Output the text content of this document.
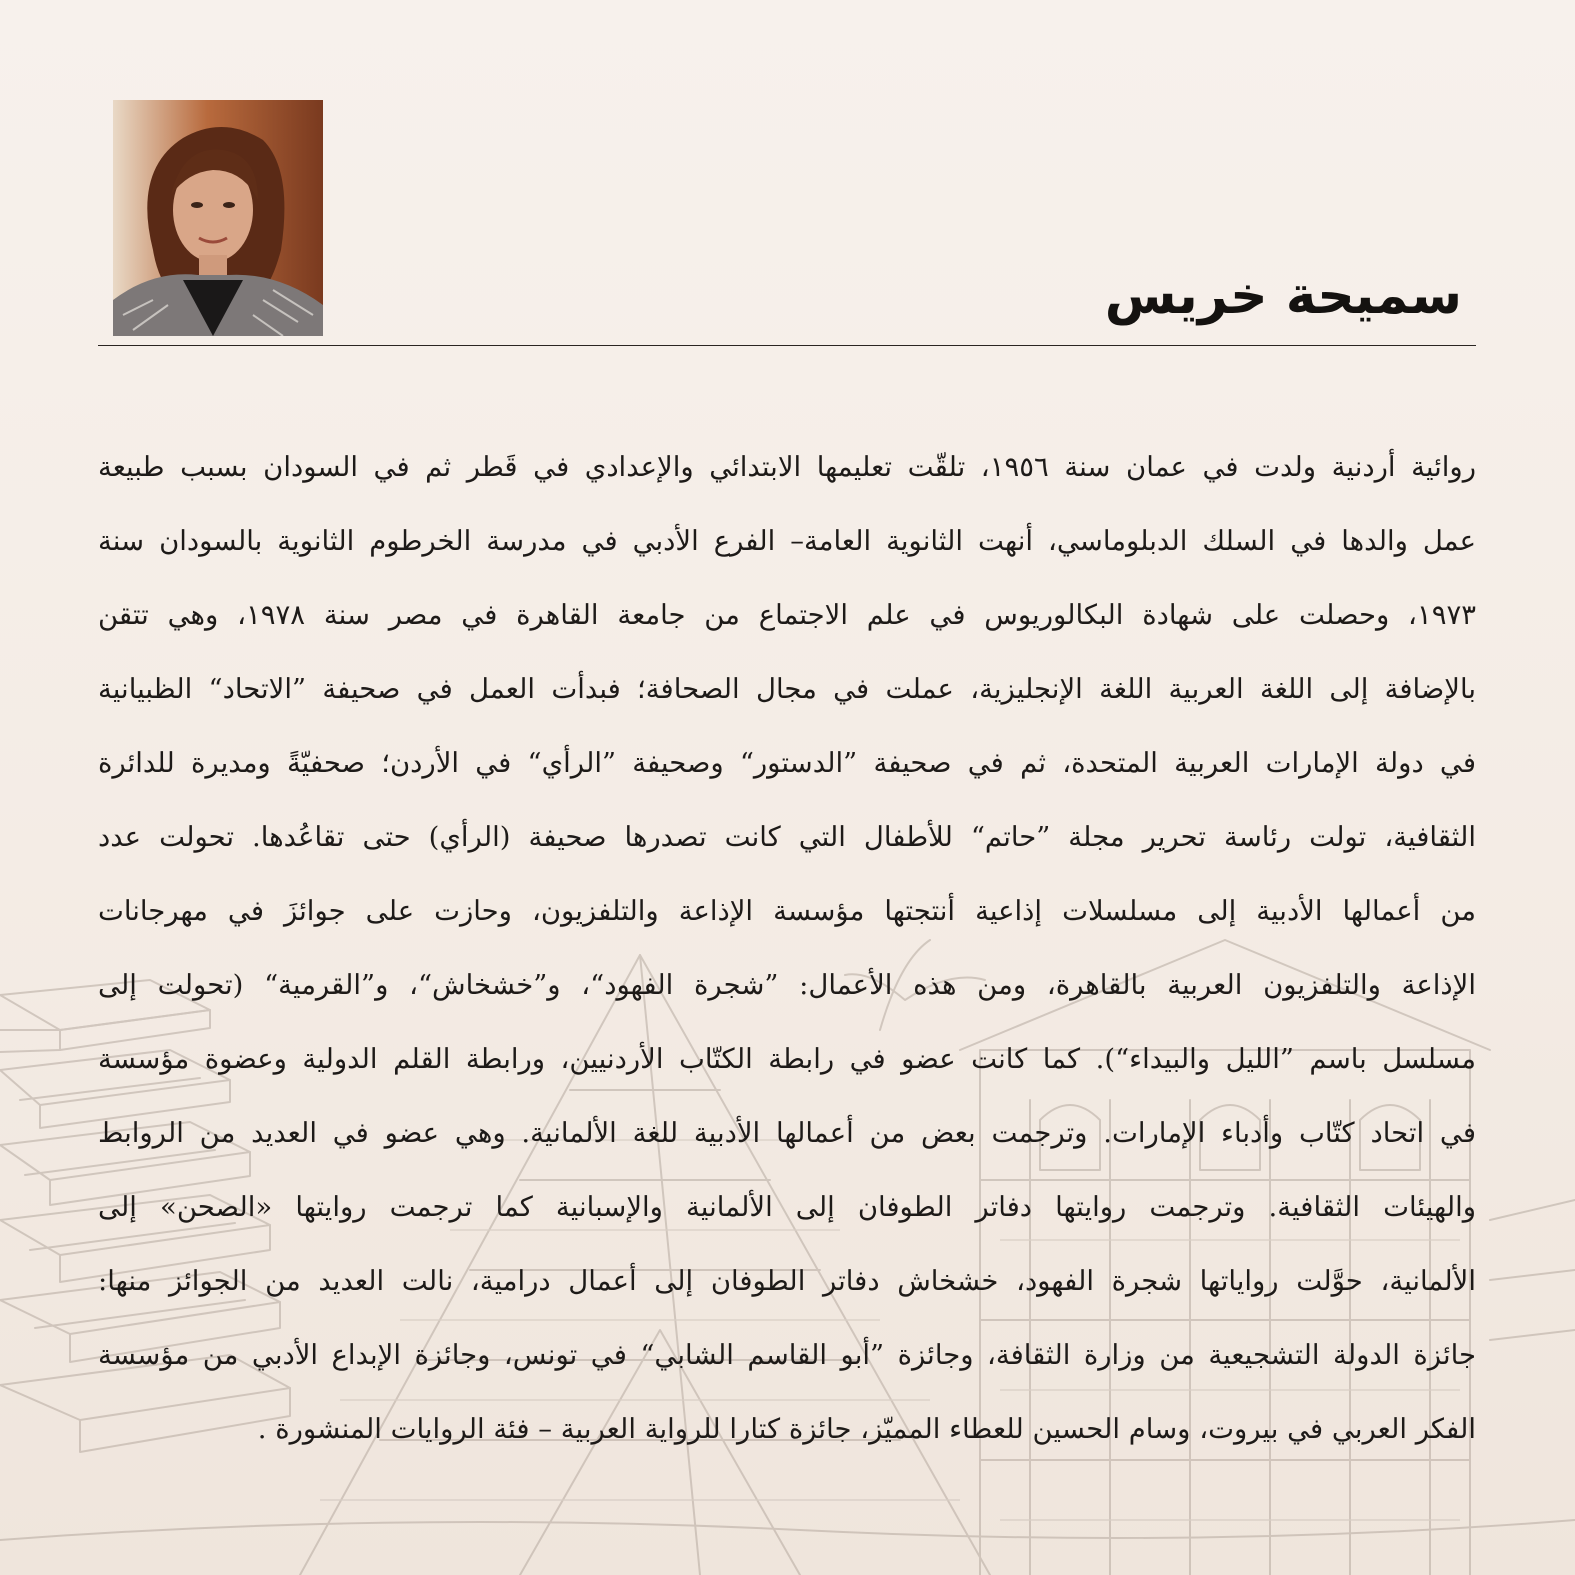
سميحة خريس
روائية أردنية ولدت في عمان سنة ١٩٥٦، تلقّت تعليمها الابتدائي والإعدادي في قَطر ثم في السودان بسبب طبيعة
عمل والدها في السلك الدبلوماسي، أنهت الثانوية العامة– الفرع الأدبي في مدرسة الخرطوم الثانوية بالسودان سنة
١٩٧٣، وحصلت على شهادة البكالوريوس في علم الاجتماع من جامعة القاهرة في مصر سنة ١٩٧٨، وهي تتقن
بالإضافة إلى اللغة العربية اللغة الإنجليزية، عملت في مجال الصحافة؛ فبدأت العمل في صحيفة ”الاتحاد“ الظبيانية
في دولة الإمارات العربية المتحدة، ثم في صحيفة ”الدستور“ وصحيفة ”الرأي“ في الأردن؛ صحفيّةً ومديرة للدائرة
الثقافية، تولت رئاسة تحرير مجلة ”حاتم“ للأطفال التي كانت تصدرها صحيفة (الرأي) حتى تقاعُدها. تحولت عدد
من أعمالها الأدبية إلى مسلسلات إذاعية أنتجتها مؤسسة الإذاعة والتلفزيون، وحازت على جوائزَ في مهرجانات
الإذاعة والتلفزيون العربية بالقاهرة، ومن هذه الأعمال: ”شجرة الفهود“، و”خشخاش“، و”القرمية“ (تحولت إلى
مسلسل باسم ”الليل والبيداء“). كما كانت عضو في رابطة الكتّاب الأردنيين، ورابطة القلم الدولية وعضوة مؤسسة
في اتحاد كتّاب وأدباء الإمارات. وترجمت بعض من أعمالها الأدبية للغة الألمانية. وهي عضو في العديد من الروابط
والهيئات الثقافية. وترجمت روايتها دفاتر الطوفان إلى الألمانية والإسبانية كما ترجمت روايتها «الصحن» إلى
الألمانية، حوَّلت رواياتها شجرة الفهود، خشخاش دفاتر الطوفان إلى أعمال درامية، نالت العديد من الجوائز منها:
جائزة الدولة التشجيعية من وزارة الثقافة، وجائزة ”أبو القاسم الشابي“ في تونس، وجائزة الإبداع الأدبي من مؤسسة
الفكر العربي في بيروت، وسام الحسين للعطاء المميّز، جائزة كتارا للرواية العربية – فئة الروايات المنشورة .
